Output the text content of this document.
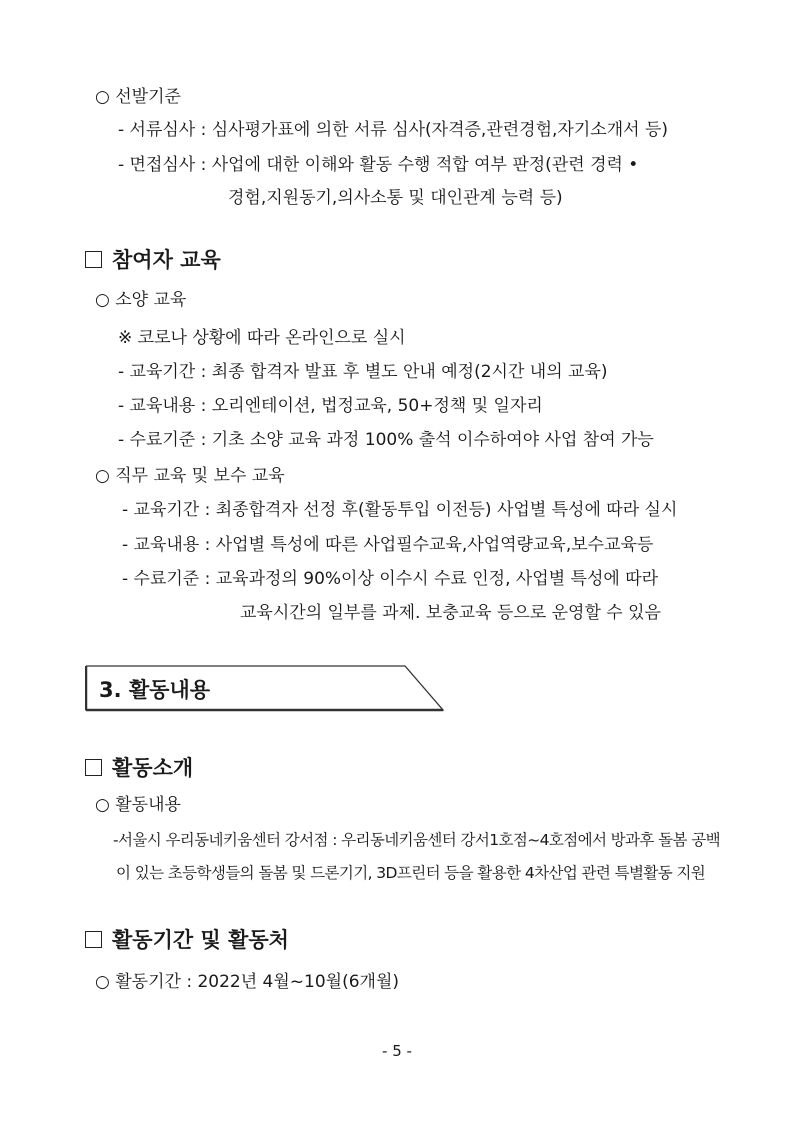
○ 선발기준
- 서류심사 : 심사평가표에 의한 서류 심사(자격증,관련경험,자기소개서 등)
- 면접심사 : 사업에 대한 이해와 활동 수행 적합 여부 판정(관련 경력 •
경험,지원동기,의사소통 및 대인관계 능력 등)
참여자 교육
○ 소양 교육
※ 코로나 상황에 따라 온라인으로 실시
- 교육기간 : 최종 합격자 발표 후 별도 안내 예정(2시간 내의 교육)
- 교육내용 : 오리엔테이션, 법정교육, 50+정책 및 일자리
- 수료기준 : 기초 소양 교육 과정 100% 출석 이수하여야 사업 참여 가능
○ 직무 교육 및 보수 교육
- 교육기간 : 최종합격자 선정 후(활동투입 이전등) 사업별 특성에 따라 실시
- 교육내용 : 사업별 특성에 따른 사업필수교육,사업역량교육,보수교육등
- 수료기준 : 교육과정의 90%이상 이수시 수료 인정, 사업별 특성에 따라
교육시간의 일부를 과제. 보충교육 등으로 운영할 수 있음
3. 활동내용
활동소개
○ 활동내용
-서울시 우리동네키움센터 강서점 : 우리동네키움센터 강서1호점~4호점에서 방과후 돌봄 공백
이 있는 초등학생들의 돌봄 및 드론기기, 3D프린터 등을 활용한 4차산업 관련 특별활동 지원
활동기간 및 활동처
○ 활동기간 : 2022년 4월~10월(6개월)
- 5 -
